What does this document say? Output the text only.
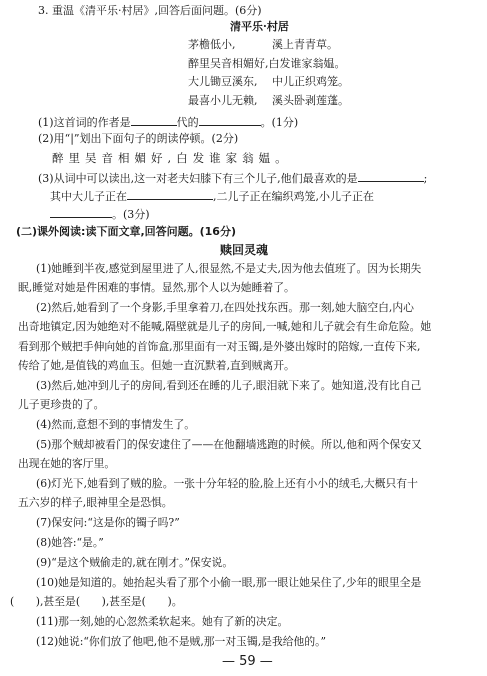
3. 重温《清平乐·村居》,回答后面问题。(6分)
清平乐·村居
茅檐低小,	溪上青青草。
醉里吴音相媚好,白发谁家翁媪。
大儿锄豆溪东, 中儿正织鸡笼。
最喜小儿无赖, 溪头卧剥莲蓬。
(1)这首词的作者是	代的	。(1分)
(2)用“|”划出下面句子的朗读停顿。(2分)
醉里吴音相媚好,白发谁家翁媪。
(3)从词中可以读出,这一对老夫妇膝下有三个儿子,他们最喜欢的是	;
其中大儿子正在	,二儿子正在编织鸡笼,小儿子正在
。(3分)
(二)课外阅读:读下面文章,回答问题。(16分)
赎回灵魂
(1)她睡到半夜,感觉到屋里进了人,很显然,不是丈夫,因为他去值班了。因为长期失
眠,睡觉对她是件困难的事情。显然,那个人以为她睡着了。
(2)然后,她看到了一个身影,手里拿着刀,在四处找东西。那一刻,她大脑空白,内心
出奇地镇定,因为她绝对不能喊,隔壁就是儿子的房间,一喊,她和儿子就会有生命危险。她
看到那个贼把手伸向她的首饰盒,那里面有一对玉镯,是外婆出嫁时的陪嫁,一直传下来,
传给了她,是值钱的鸡血玉。但她一直沉默着,直到贼离开。
(3)然后,她冲到儿子的房间,看到还在睡的儿子,眼泪就下来了。她知道,没有比自己
儿子更珍贵的了。
(4)然而,意想不到的事情发生了。
(5)那个贼却被看门的保安逮住了——在他翻墙逃跑的时候。所以,他和两个保安又
出现在她的客厅里。
(6)灯光下,她看到了贼的脸。一张十分年轻的脸,脸上还有小小的绒毛,大概只有十
五六岁的样子,眼神里全是恐惧。
(7)保安问:“这是你的镯子吗?”
(8)她答:“是。”
(9)“是这个贼偷走的,就在刚才。”保安说。
(10)她是知道的。她抬起头看了那个小偷一眼,那一眼让她呆住了,少年的眼里全是
(　　),甚至是(　　),甚至是(　　)。
(11)那一刻,她的心忽然柔软起来。她有了新的决定。
(12)她说:“你们放了他吧,他不是贼,那一对玉镯,是我给他的。”
— 59 —
